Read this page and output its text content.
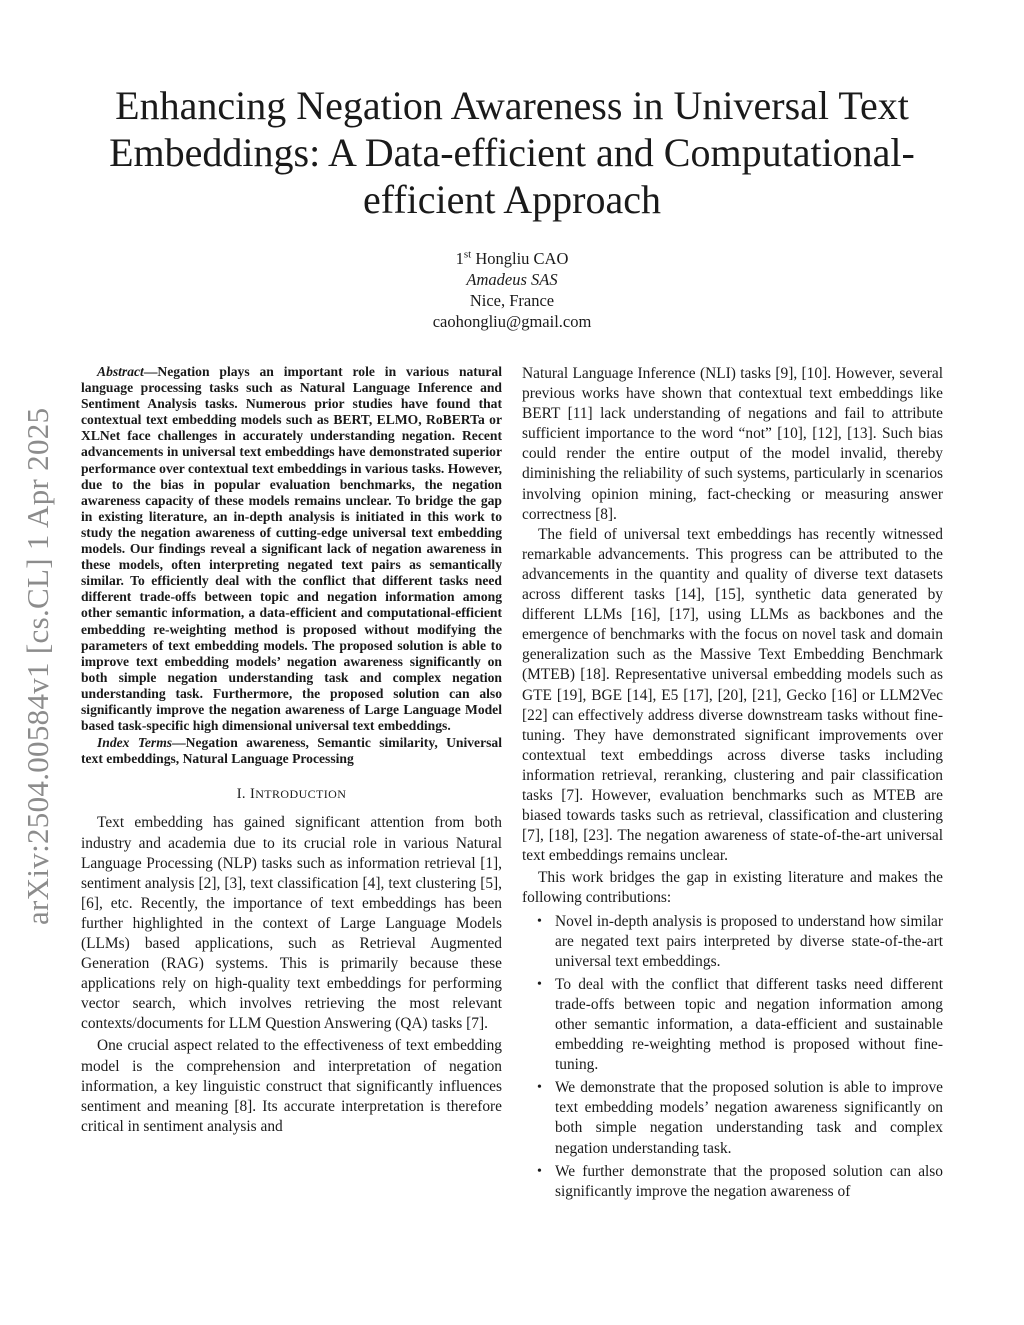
arXiv:2504.00584v1 [cs.CL] 1 Apr 2025
Enhancing Negation Awareness in Universal Text Embeddings: A Data-efficient and Computational-efficient Approach
1st Hongliu CAO
Amadeus SAS
Nice, France
caohongliu@gmail.com

Abstract—Negation plays an important role in various natural language processing tasks such as Natural Language Inference and Sentiment Analysis tasks. Numerous prior studies have found that contextual text embedding models such as BERT, ELMO, RoBERTa or XLNet face challenges in accurately understanding negation. Recent advancements in universal text embeddings have demonstrated superior performance over contextual text embeddings in various tasks. However, due to the bias in popular evaluation benchmarks, the negation awareness capacity of these models remains unclear. To bridge the gap in existing literature, an in-depth analysis is initiated in this work to study the negation awareness of cutting-edge universal text embedding models. Our findings reveal a significant lack of negation awareness in these models, often interpreting negated text pairs as semantically similar. To efficiently deal with the conflict that different tasks need different trade-offs between topic and negation information among other semantic information, a data-efficient and computational-efficient embedding re-weighting method is proposed without modifying the parameters of text embedding models. The proposed solution is able to improve text embedding models’ negation awareness significantly on both simple negation understanding task and complex negation understanding task. Furthermore, the proposed solution can also significantly improve the negation awareness of Large Language Model based task-specific high dimensional universal text embeddings.

Index Terms—Negation awareness, Semantic similarity, Universal text embeddings, Natural Language Processing

I. INTRODUCTION

Text embedding has gained significant attention from both industry and academia due to its crucial role in various Natural Language Processing (NLP) tasks such as information retrieval [1], sentiment analysis [2], [3], text classification [4], text clustering [5], [6], etc. Recently, the importance of text embeddings has been further highlighted in the context of Large Language Models (LLMs) based applications, such as Retrieval Augmented Generation (RAG) systems. This is primarily because these applications rely on high-quality text embeddings for performing vector search, which involves retrieving the most relevant contexts/documents for LLM Question Answering (QA) tasks [7].

One crucial aspect related to the effectiveness of text embedding model is the comprehension and interpretation of negation information, a key linguistic construct that significantly influences sentiment and meaning [8]. Its accurate interpretation is therefore critical in sentiment analysis and

Natural Language Inference (NLI) tasks [9], [10]. However, several previous works have shown that contextual text embeddings like BERT [11] lack understanding of negations and fail to attribute sufficient importance to the word “not” [10], [12], [13]. Such bias could render the entire output of the model invalid, thereby diminishing the reliability of such systems, particularly in scenarios involving opinion mining, fact-checking or measuring answer correctness [8].

The field of universal text embeddings has recently witnessed remarkable advancements. This progress can be attributed to the advancements in the quantity and quality of diverse text datasets across different tasks [14], [15], synthetic data generated by different LLMs [16], [17], using LLMs as backbones and the emergence of benchmarks with the focus on novel task and domain generalization such as the Massive Text Embedding Benchmark (MTEB) [18]. Representative universal embedding models such as GTE [19], BGE [14], E5 [17], [20], [21], Gecko [16] or LLM2Vec [22] can effectively address diverse downstream tasks without fine-tuning. They have demonstrated significant improvements over contextual text embeddings across diverse tasks including information retrieval, reranking, clustering and pair classification tasks [7]. However, evaluation benchmarks such as MTEB are biased towards tasks such as retrieval, classification and clustering [7], [18], [23]. The negation awareness of state-of-the-art universal text embeddings remains unclear.

This work bridges the gap in existing literature and makes the following contributions:

• Novel in-depth analysis is proposed to understand how similar are negated text pairs interpreted by diverse state-of-the-art universal text embeddings.
• To deal with the conflict that different tasks need different trade-offs between topic and negation information among other semantic information, a data-efficient and sustainable embedding re-weighting method is proposed without fine-tuning.
• We demonstrate that the proposed solution is able to improve text embedding models’ negation awareness significantly on both simple negation understanding task and complex negation understanding task.
• We further demonstrate that the proposed solution can also significantly improve the negation awareness of
